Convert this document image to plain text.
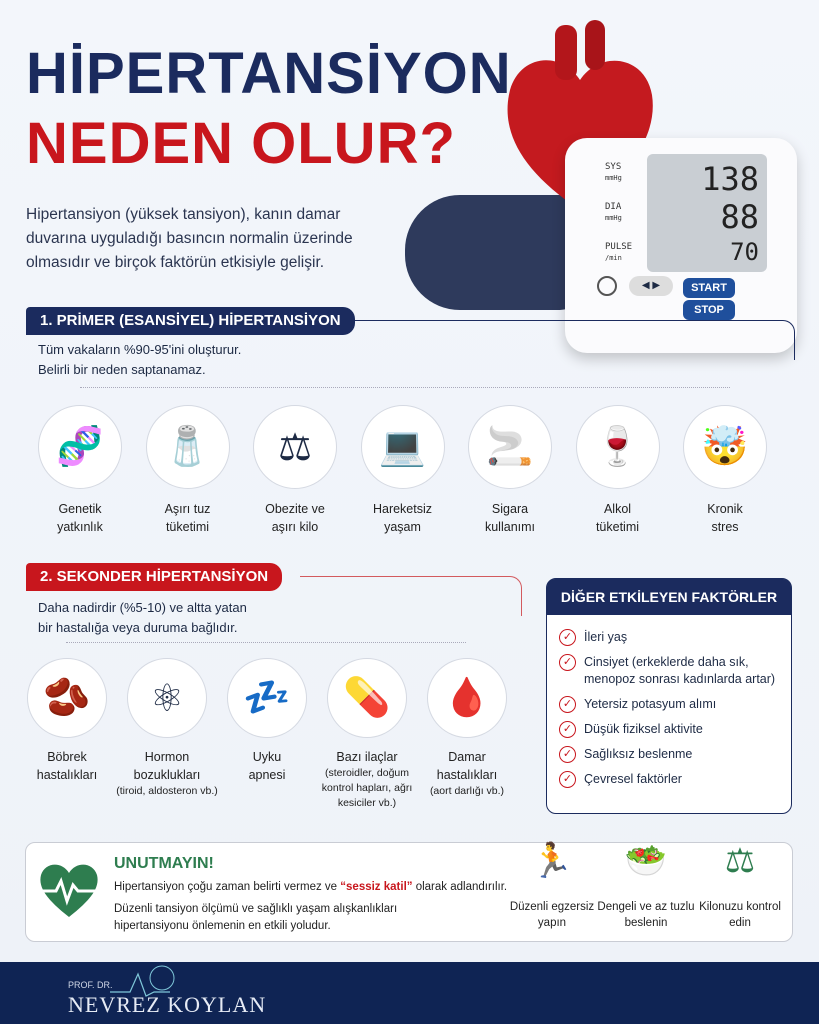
HİPERTANSİYON
NEDEN OLUR?
Hipertansiyon (yüksek tansiyon), kanın damar duvarına uyguladığı basıncın normalin üzerinde olmasıdır ve birçok faktörün etkisiyle gelişir.
SYS
DIA
PULSE
mmHg
mmHg
/min
138
88
70
START
STOP
◀ ▶
1. PRİMER (ESANSİYEL) HİPERTANSİYON
Tüm vakaların %90-95'ini oluşturur.
Belirli bir neden saptanamaz.
🧬
Genetik
yatkınlık
🧂
Aşırı tuz
tüketimi
⚖
Obezite ve
aşırı kilo
💻
Hareketsiz
yaşam
🚬
Sigara
kullanımı
🍷
Alkol
tüketimi
🤯
Kronik
stres
2. SEKONDER HİPERTANSİYON
Daha nadirdir (%5-10) ve altta yatan
bir hastalığa veya duruma bağlıdır.
🫘
Böbrek
hastalıkları
⚛
Hormon
bozuklukları
(tiroid, aldosteron vb.)
💤
Uyku
apnesi
💊
Bazı ilaçlar

(steroidler, doğum kontrol hapları, ağrı kesiciler vb.)
🩸
Damar
hastalıkları
(aort darlığı vb.)
DİĞER ETKİLEYEN FAKTÖRLER
✓ İleri yaş
✓ Cinsiyet (erkeklerde daha sık, menopoz sonrası kadınlarda artar)
✓ Yetersiz potasyum alımı
✓ Düşük fiziksel aktivite
✓ Sağlıksız beslenme
✓ Çevresel faktörler
UNUTMAYIN!
Hipertansiyon çoğu zaman belirti vermez ve “sessiz katil” olarak adlandırılır.
Düzenli tansiyon ölçümü ve sağlıklı yaşam alışkanlıkları hipertansiyonu önlemenin en etkili yoludur.
🏃
Düzenli egzersiz yapın
🥗
Dengeli ve az tuzlu beslenin
⚖
Kilonuzu kontrol edin
PROF. DR.
NEVREZ KOYLAN
